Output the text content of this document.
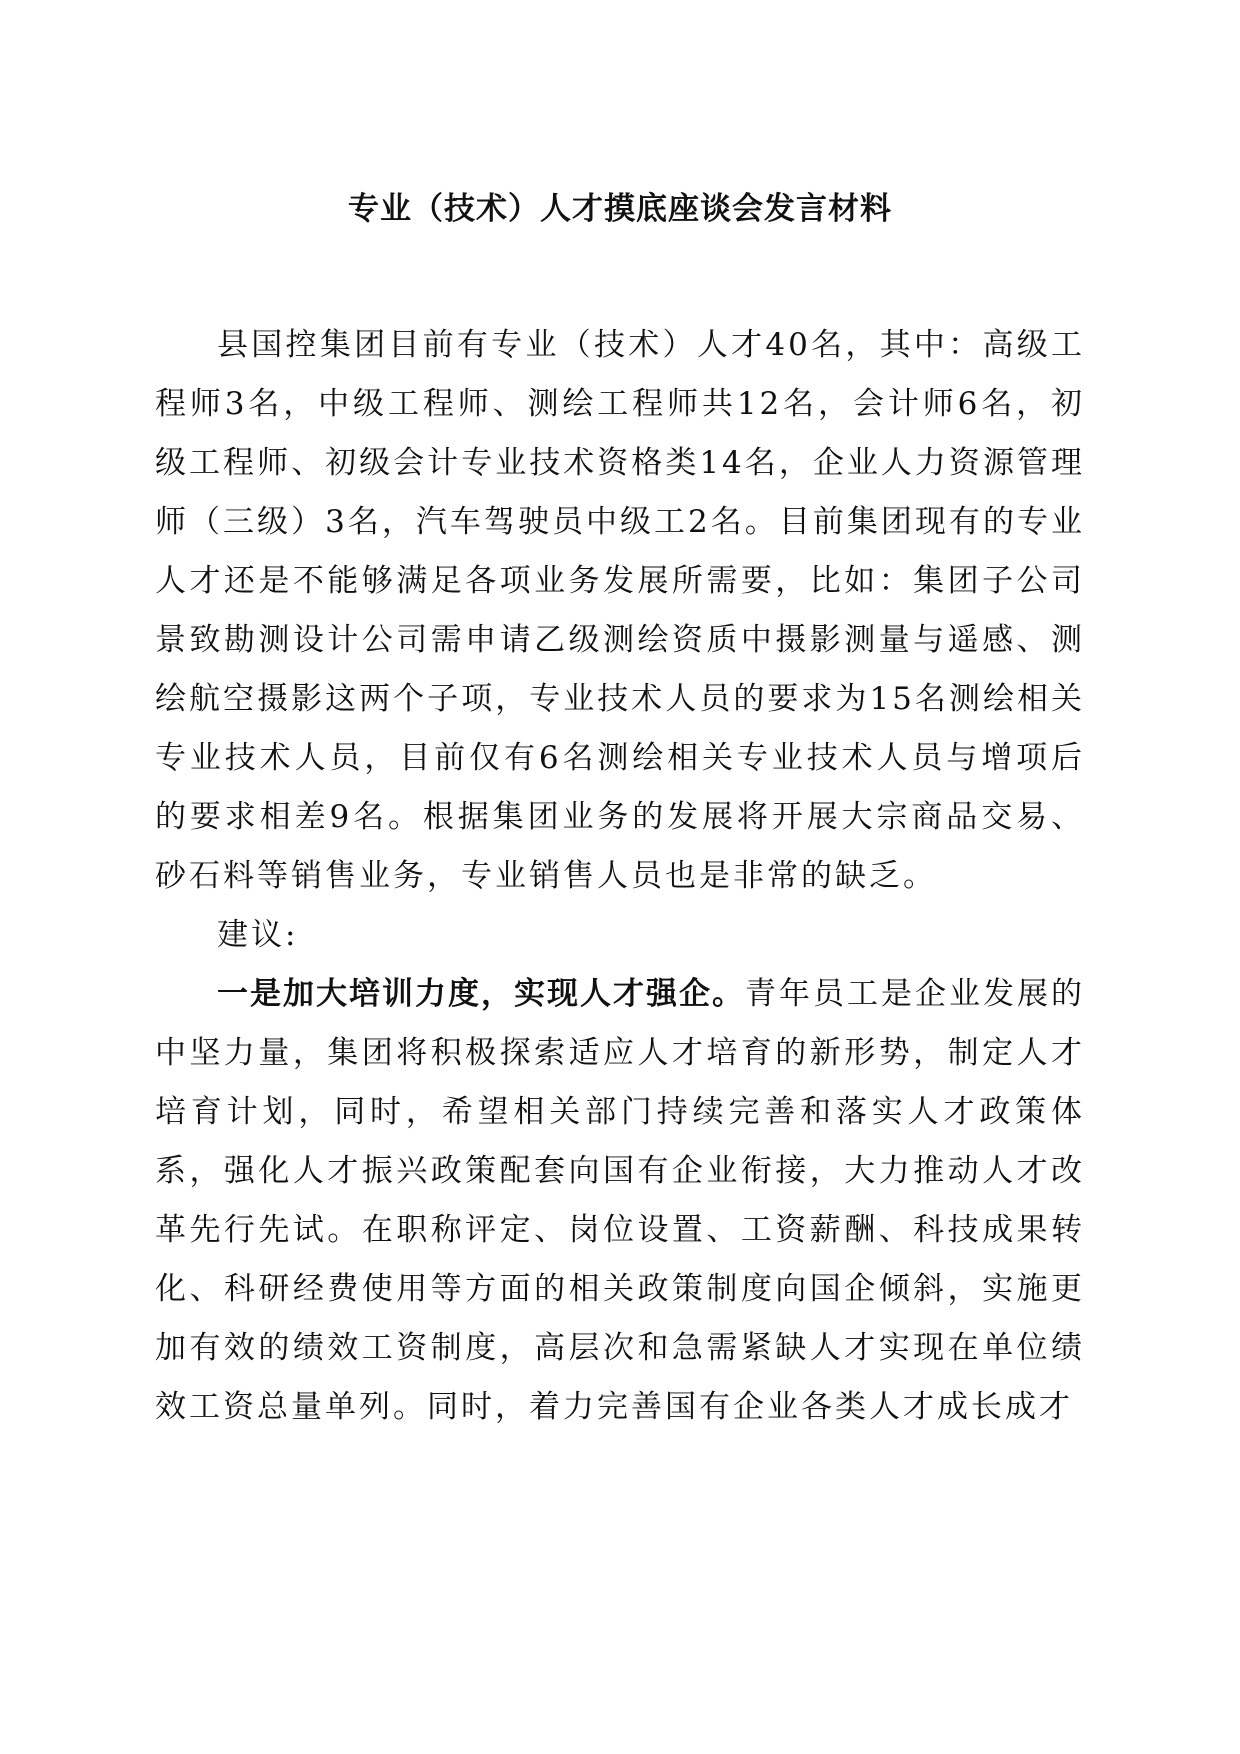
专业（技术）人才摸底座谈会发言材料

县国控集团目前有专业（技术）人才40名，其中：高级工程师3名，中级工程师、测绘工程师共12名，会计师6名，初级工程师、初级会计专业技术资格类14名，企业人力资源管理师（三级）3名，汽车驾驶员中级工2名。目前集团现有的专业人才还是不能够满足各项业务发展所需要，比如：集团子公司景致勘测设计公司需申请乙级测绘资质中摄影测量与遥感、测绘航空摄影这两个子项，专业技术人员的要求为15名测绘相关专业技术人员，目前仅有6名测绘相关专业技术人员与增项后的要求相差9名。根据集团业务的发展将开展大宗商品交易、砂石料等销售业务，专业销售人员也是非常的缺乏。

建议:

一是加大培训力度，实现人才强企。青年员工是企业发展的中坚力量，集团将积极探索适应人才培育的新形势，制定人才培育计划，同时，希望相关部门持续完善和落实人才政策体系，强化人才振兴政策配套向国有企业衔接，大力推动人才改革先行先试。在职称评定、岗位设置、工资薪酬、科技成果转化、科研经费使用等方面的相关政策制度向国企倾斜，实施更加有效的绩效工资制度，高层次和急需紧缺人才实现在单位绩效工资总量单列。同时，着力完善国有企业各类人才成长成才
